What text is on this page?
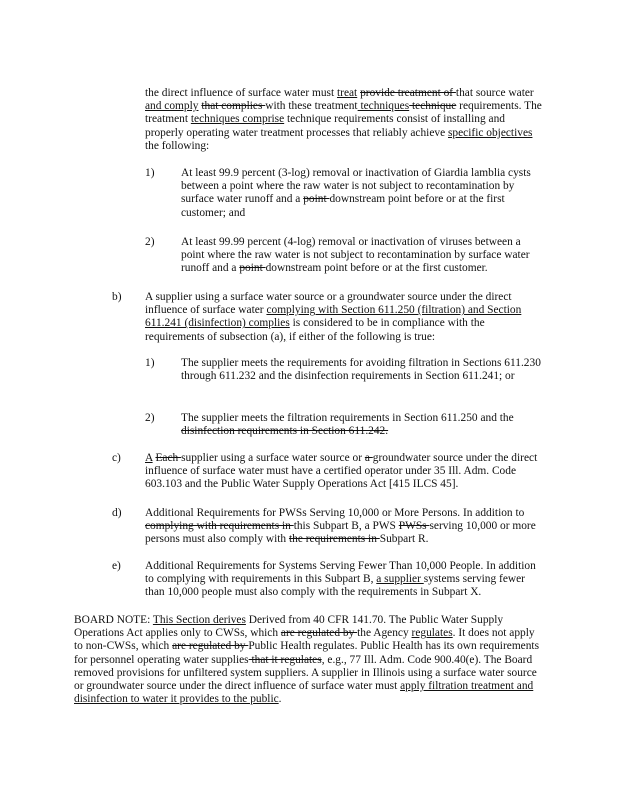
the direct influence of surface water must treat provide treatment of that source water and comply that complies with these treatment techniques technique requirements. The treatment techniques comprise technique requirements consist of installing and properly operating water treatment processes that reliably achieve specific objectives the following:

1) At least 99.9 percent (3-log) removal or inactivation of Giardia lamblia cysts between a point where the raw water is not subject to recontamination by surface water runoff and a point downstream point before or at the first customer; and
2) At least 99.99 percent (4-log) removal or inactivation of viruses between a point where the raw water is not subject to recontamination by surface water runoff and a point downstream point before or at the first customer.
b) A supplier using a surface water source or a groundwater source under the direct influence of surface water complying with Section 611.250 (filtration) and Section 611.241 (disinfection) complies is considered to be in compliance with the requirements of subsection (a), if either of the following is true:
1) The supplier meets the requirements for avoiding filtration in Sections 611.230 through 611.232 and the disinfection requirements in Section 611.241; or
2) The supplier meets the filtration requirements in Section 611.250 and the disinfection requirements in Section 611.242.
c) A Each supplier using a surface water source or a groundwater source under the direct influence of surface water must have a certified operator under 35 Ill. Adm. Code 603.103 and the Public Water Supply Operations Act [415 ILCS 45].
d) Additional Requirements for PWSs Serving 10,000 or More Persons. In addition to complying with requirements in this Subpart B, a PWS PWSs serving 10,000 or more persons must also comply with the requirements in Subpart R.
e) Additional Requirements for Systems Serving Fewer Than 10,000 People. In addition to complying with requirements in this Subpart B, a supplier systems serving fewer than 10,000 people must also comply with the requirements in Subpart X.

BOARD NOTE: This Section derives Derived from 40 CFR 141.70. The Public Water Supply Operations Act applies only to CWSs, which are regulated by the Agency regulates. It does not apply to non-CWSs, which are regulated by Public Health regulates. Public Health has its own requirements for personnel operating water supplies that it regulates, e.g., 77 Ill. Adm. Code 900.40(e). The Board removed provisions for unfiltered system suppliers. A supplier in Illinois using a surface water source or groundwater source under the direct influence of surface water must apply filtration treatment and disinfection to water it provides to the public.
